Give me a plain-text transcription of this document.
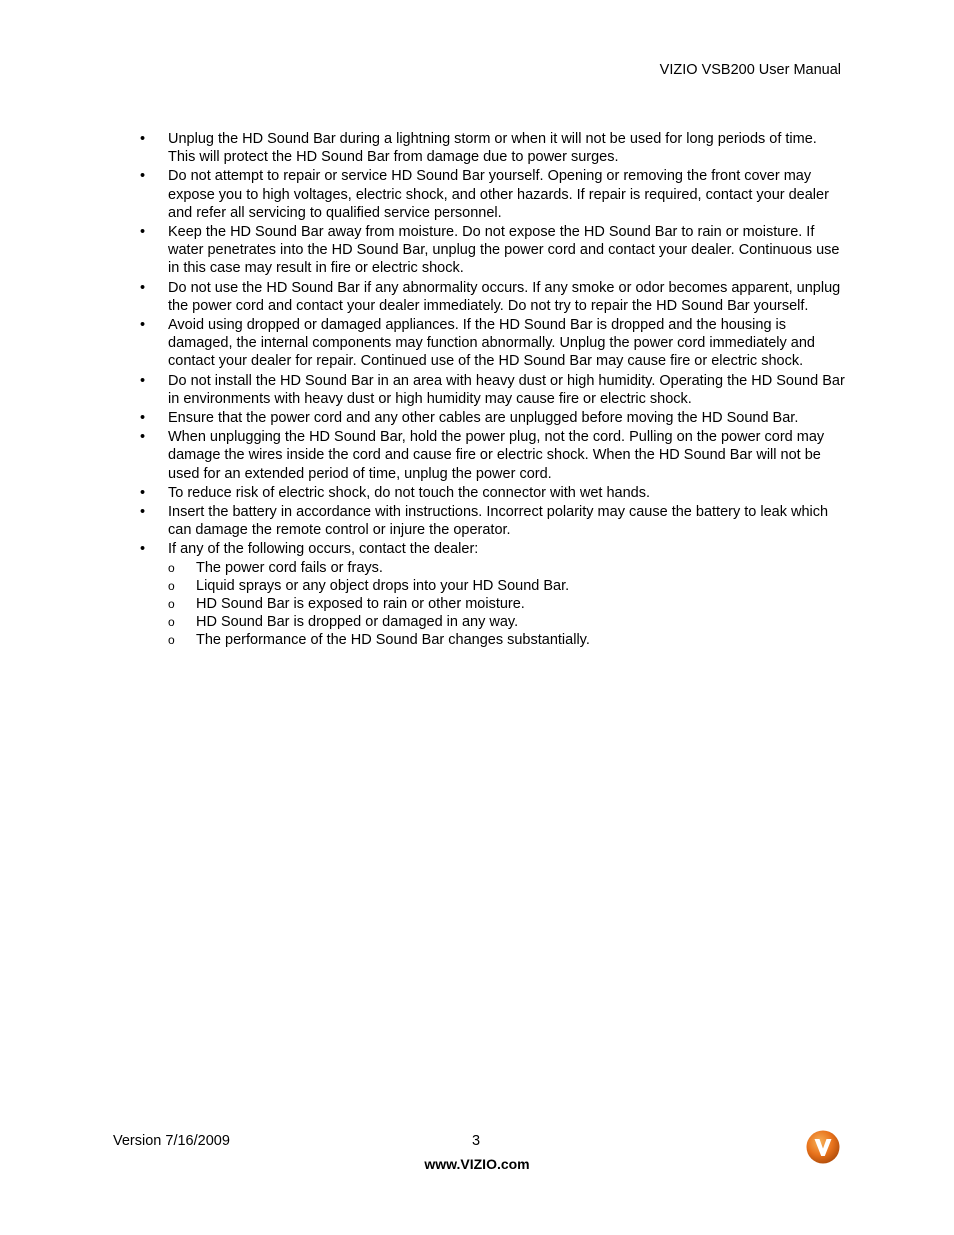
VIZIO VSB200 User Manual
•	Unplug the HD Sound Bar during a lightning storm or when it will not be used for long periods of time. This will protect the HD Sound Bar from damage due to power surges.
•	Do not attempt to repair or service HD Sound Bar yourself. Opening or removing the front cover may expose you to high voltages, electric shock, and other hazards. If repair is required, contact your dealer and refer all servicing to qualified service personnel.
•	Keep the HD Sound Bar away from moisture. Do not expose the HD Sound Bar to rain or moisture. If water penetrates into the HD Sound Bar, unplug the power cord and contact your dealer. Continuous use in this case may result in fire or electric shock.
•	Do not use the HD Sound Bar if any abnormality occurs. If any smoke or odor becomes apparent, unplug the power cord and contact your dealer immediately. Do not try to repair the HD Sound Bar yourself.
•	Avoid using dropped or damaged appliances. If the HD Sound Bar is dropped and the housing is damaged, the internal components may function abnormally. Unplug the power cord immediately and contact your dealer for repair. Continued use of the HD Sound Bar may cause fire or electric shock.
•	Do not install the HD Sound Bar in an area with heavy dust or high humidity. Operating the HD Sound Bar in environments with heavy dust or high humidity may cause fire or electric shock.
•	Ensure that the power cord and any other cables are unplugged before moving the HD Sound Bar.
•	When unplugging the HD Sound Bar, hold the power plug, not the cord. Pulling on the power cord may damage the wires inside the cord and cause fire or electric shock. When the HD Sound Bar will not be used for an extended period of time, unplug the power cord.
•	To reduce risk of electric shock, do not touch the connector with wet hands.
•	Insert the battery in accordance with instructions. Incorrect polarity may cause the battery to leak which can damage the remote control or injure the operator.
•	If any of the following occurs, contact the dealer:
o	The power cord fails or frays.
o	Liquid sprays or any object drops into your HD Sound Bar.
o	HD Sound Bar is exposed to rain or other moisture.
o	HD Sound Bar is dropped or damaged in any way.
o	The performance of the HD Sound Bar changes substantially.
Version 7/16/2009	3
www.VIZIO.com
